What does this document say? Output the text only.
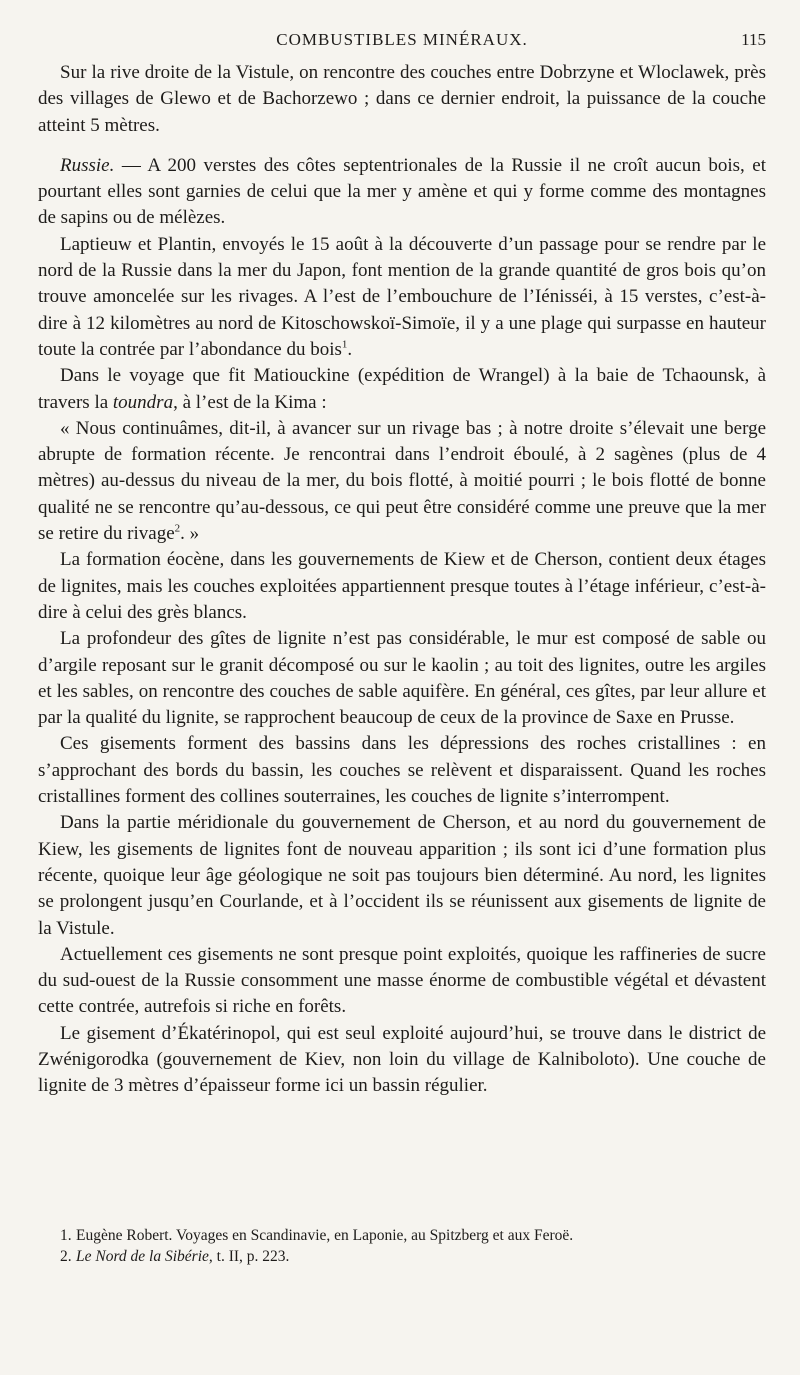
COMBUSTIBLES MINÉRAUX.	115

Sur la rive droite de la Vistule, on rencontre des couches entre Dobrzyne et Wloclawek, près des villages de Glewo et de Bachorzewo ; dans ce dernier endroit, la puissance de la couche atteint 5 mètres.

Russie. — A 200 verstes des côtes septentrionales de la Russie il ne croît aucun bois, et pourtant elles sont garnies de celui que la mer y amène et qui y forme comme des montagnes de sapins ou de mélèzes.

Laptieuw et Plantin, envoyés le 15 août à la découverte d’un passage pour se rendre par le nord de la Russie dans la mer du Japon, font mention de la grande quantité de gros bois qu’on trouve amoncelée sur les rivages. A l’est de l’embouchure de l’Iénisséi, à 15 verstes, c’est-à-dire à 12 kilomètres au nord de Kitoschowskoï-Simoïe, il y a une plage qui surpasse en hauteur toute la contrée par l’abondance du bois$^1$.

Dans le voyage que fit Matiouckine (expédition de Wrangel) à la baie de Tchaounsk, à travers la toundra, à l’est de la Kima :

« Nous continuâmes, dit-il, à avancer sur un rivage bas ; à notre droite s’élevait une berge abrupte de formation récente. Je rencontrai dans l’endroit éboulé, à 2 sagènes (plus de 4 mètres) au-dessus du niveau de la mer, du bois flotté, à moitié pourri ; le bois flotté de bonne qualité ne se rencontre qu’au-dessous, ce qui peut être considéré comme une preuve que la mer se retire du rivage$^2$. »

La formation éocène, dans les gouvernements de Kiew et de Cherson, contient deux étages de lignites, mais les couches exploitées appartiennent presque toutes à l’étage inférieur, c’est-à-dire à celui des grès blancs.

La profondeur des gîtes de lignite n’est pas considérable, le mur est composé de sable ou d’argile reposant sur le granit décomposé ou sur le kaolin ; au toit des lignites, outre les argiles et les sables, on rencontre des couches de sable aquifère. En général, ces gîtes, par leur allure et par la qualité du lignite, se rapprochent beaucoup de ceux de la province de Saxe en Prusse.

Ces gisements forment des bassins dans les dépressions des roches cristallines : en s’approchant des bords du bassin, les couches se relèvent et disparaissent. Quand les roches cristallines forment des collines souterraines, les couches de lignite s’interrompent.

Dans la partie méridionale du gouvernement de Cherson, et au nord du gouvernement de Kiew, les gisements de lignites font de nouveau apparition ; ils sont ici d’une formation plus récente, quoique leur âge géologique ne soit pas toujours bien déterminé. Au nord, les lignites se prolongent jusqu’en Courlande, et à l’occident ils se réunissent aux gisements de lignite de la Vistule.

Actuellement ces gisements ne sont presque point exploités, quoique les raffineries de sucre du sud-ouest de la Russie consomment une masse énorme de combustible végétal et dévastent cette contrée, autrefois si riche en forêts.

Le gisement d’Ékatérinopol, qui est seul exploité aujourd’hui, se trouve dans le district de Zwénigorodka (gouvernement de Kiev, non loin du village de Kalniboloto). Une couche de lignite de 3 mètres d’épaisseur forme ici un bassin régulier.

1. Eugène Robert. Voyages en Scandinavie, en Laponie, au Spitzberg et aux Feroë.

2. Le Nord de la Sibérie, t. II, p. 223.
